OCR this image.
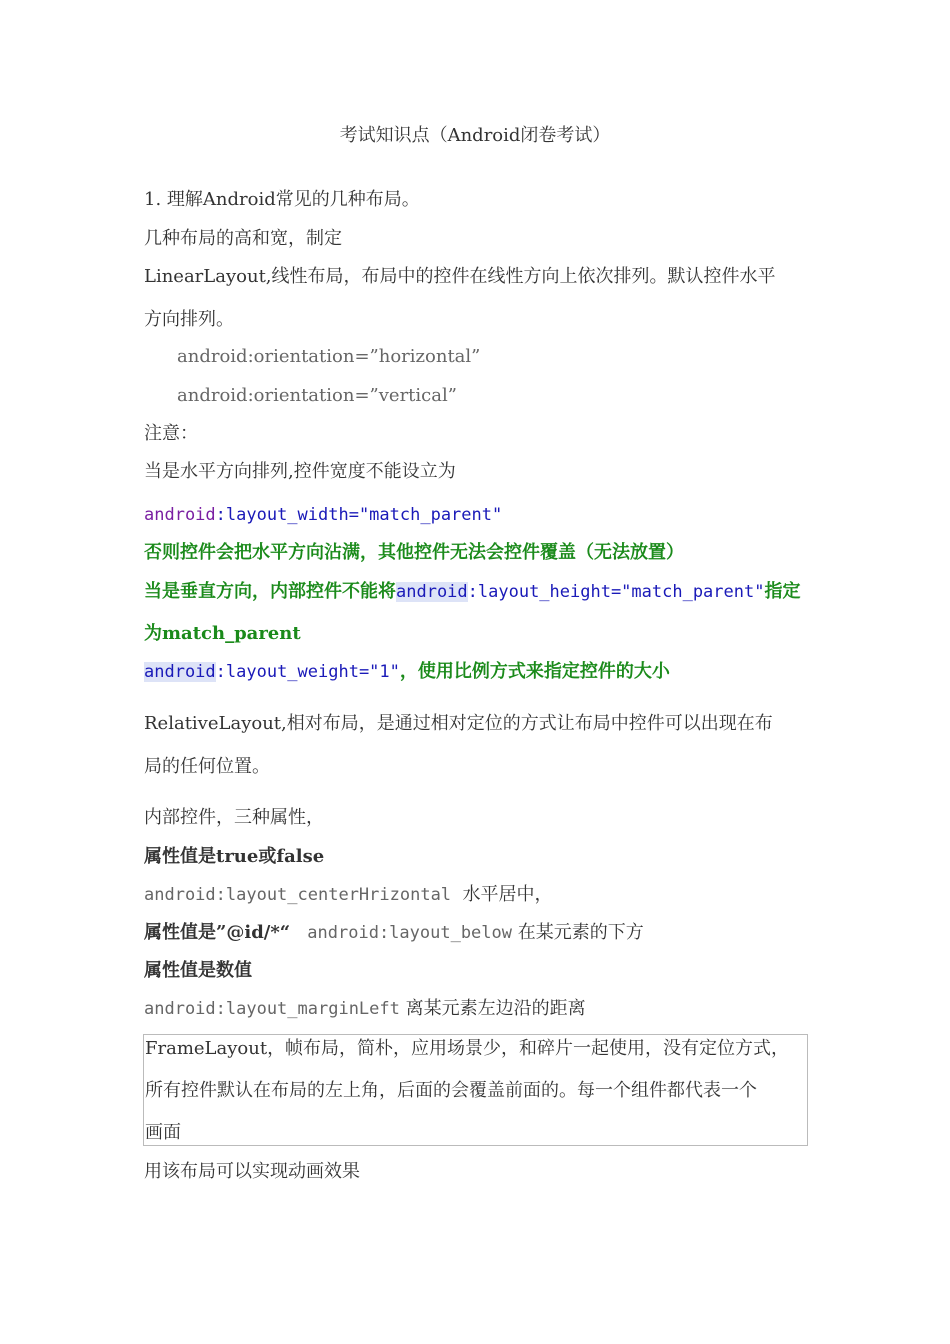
考试知识点（Android闭卷考试）
1. 理解Android常见的几种布局。
几种布局的高和宽，制定
LinearLayout,线性布局，布局中的控件在线性方向上依次排列。默认控件水平
方向排列。
android:orientation=”horizontal”
android:orientation=”vertical”
注意：
当是水平方向排列,控件宽度不能设立为
android:layout_width="match_parent"
否则控件会把水平方向沾满，其他控件无法会控件覆盖（无法放置）
当是垂直方向，内部控件不能将android:layout_height="match_parent"指定
为match_parent
android:layout_weight="1"，使用比例方式来指定控件的大小
RelativeLayout,相对布局，是通过相对定位的方式让布局中控件可以出现在布
局的任何位置。
内部控件，三种属性，
属性值是true或false
android:layout_centerHrizontal 水平居中，
属性值是”@id/*“ android:layout_below 在某元素的下方
属性值是数值
android:layout_marginLeft 离某元素左边沿的距离
FrameLayout，帧布局，简朴，应用场景少，和碎片一起使用，没有定位方式，
所有控件默认在布局的左上角，后面的会覆盖前面的。每一个组件都代表一个
画面
用该布局可以实现动画效果
